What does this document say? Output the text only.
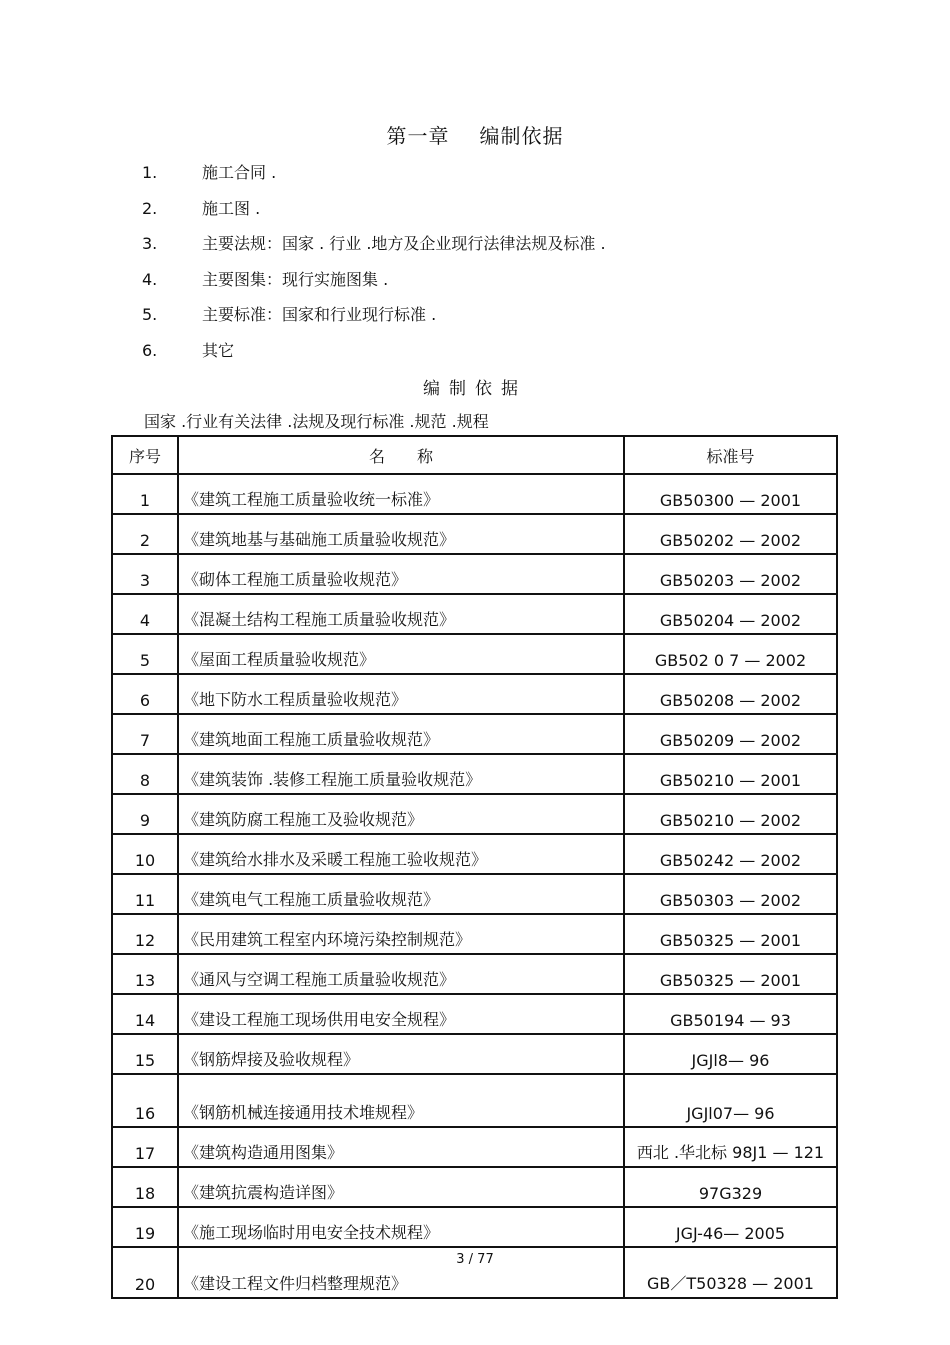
第一章 编制依据
1.	施工合同 .
2.	施工图 .
3.	主要法规：国家 . 行业 .地方及企业现行法律法规及标准 .
4.	主要图集：现行实施图集 .
5.	主要标准：国家和行业现行标准 .
6.	其它
编制依据
国家 .行业有关法律 .法规及现行标准 .规范 .规程
序号	名　　称	标准号
1	《建筑工程施工质量验收统一标准》	GB50300 — 2001
2	《建筑地基与基础施工质量验收规范》	GB50202 — 2002
3	《砌体工程施工质量验收规范》	GB50203 — 2002
4	《混凝土结构工程施工质量验收规范》	GB50204 — 2002
5	《屋面工程质量验收规范》	GB502 0 7 — 2002
6	《地下防水工程质量验收规范》	GB50208 — 2002
7	《建筑地面工程施工质量验收规范》	GB50209 — 2002
8	《建筑装饰 .装修工程施工质量验收规范》	GB50210 — 2001
9	《建筑防腐工程施工及验收规范》	GB50210 — 2002
10	《建筑给水排水及采暖工程施工验收规范》	GB50242 — 2002
11	《建筑电气工程施工质量验收规范》	GB50303 — 2002
12	《民用建筑工程室内环境污染控制规范》	GB50325 — 2001
13	《通风与空调工程施工质量验收规范》	GB50325 — 2001
14	《建设工程施工现场供用电安全规程》	GB50194 — 93
15	《钢筋焊接及验收规程》	JGJl8— 96
16	《钢筋机械连接通用技术堆规程》	JGJl07— 96
17	《建筑构造通用图集》	西北 .华北标 98J1 — 121
18	《建筑抗震构造详图》	97G329
19	《施工现场临时用电安全技术规程》	JGJ-46— 2005
20	《建设工程文件归档整理规范》	GB／T50328 — 2001
3 / 77
